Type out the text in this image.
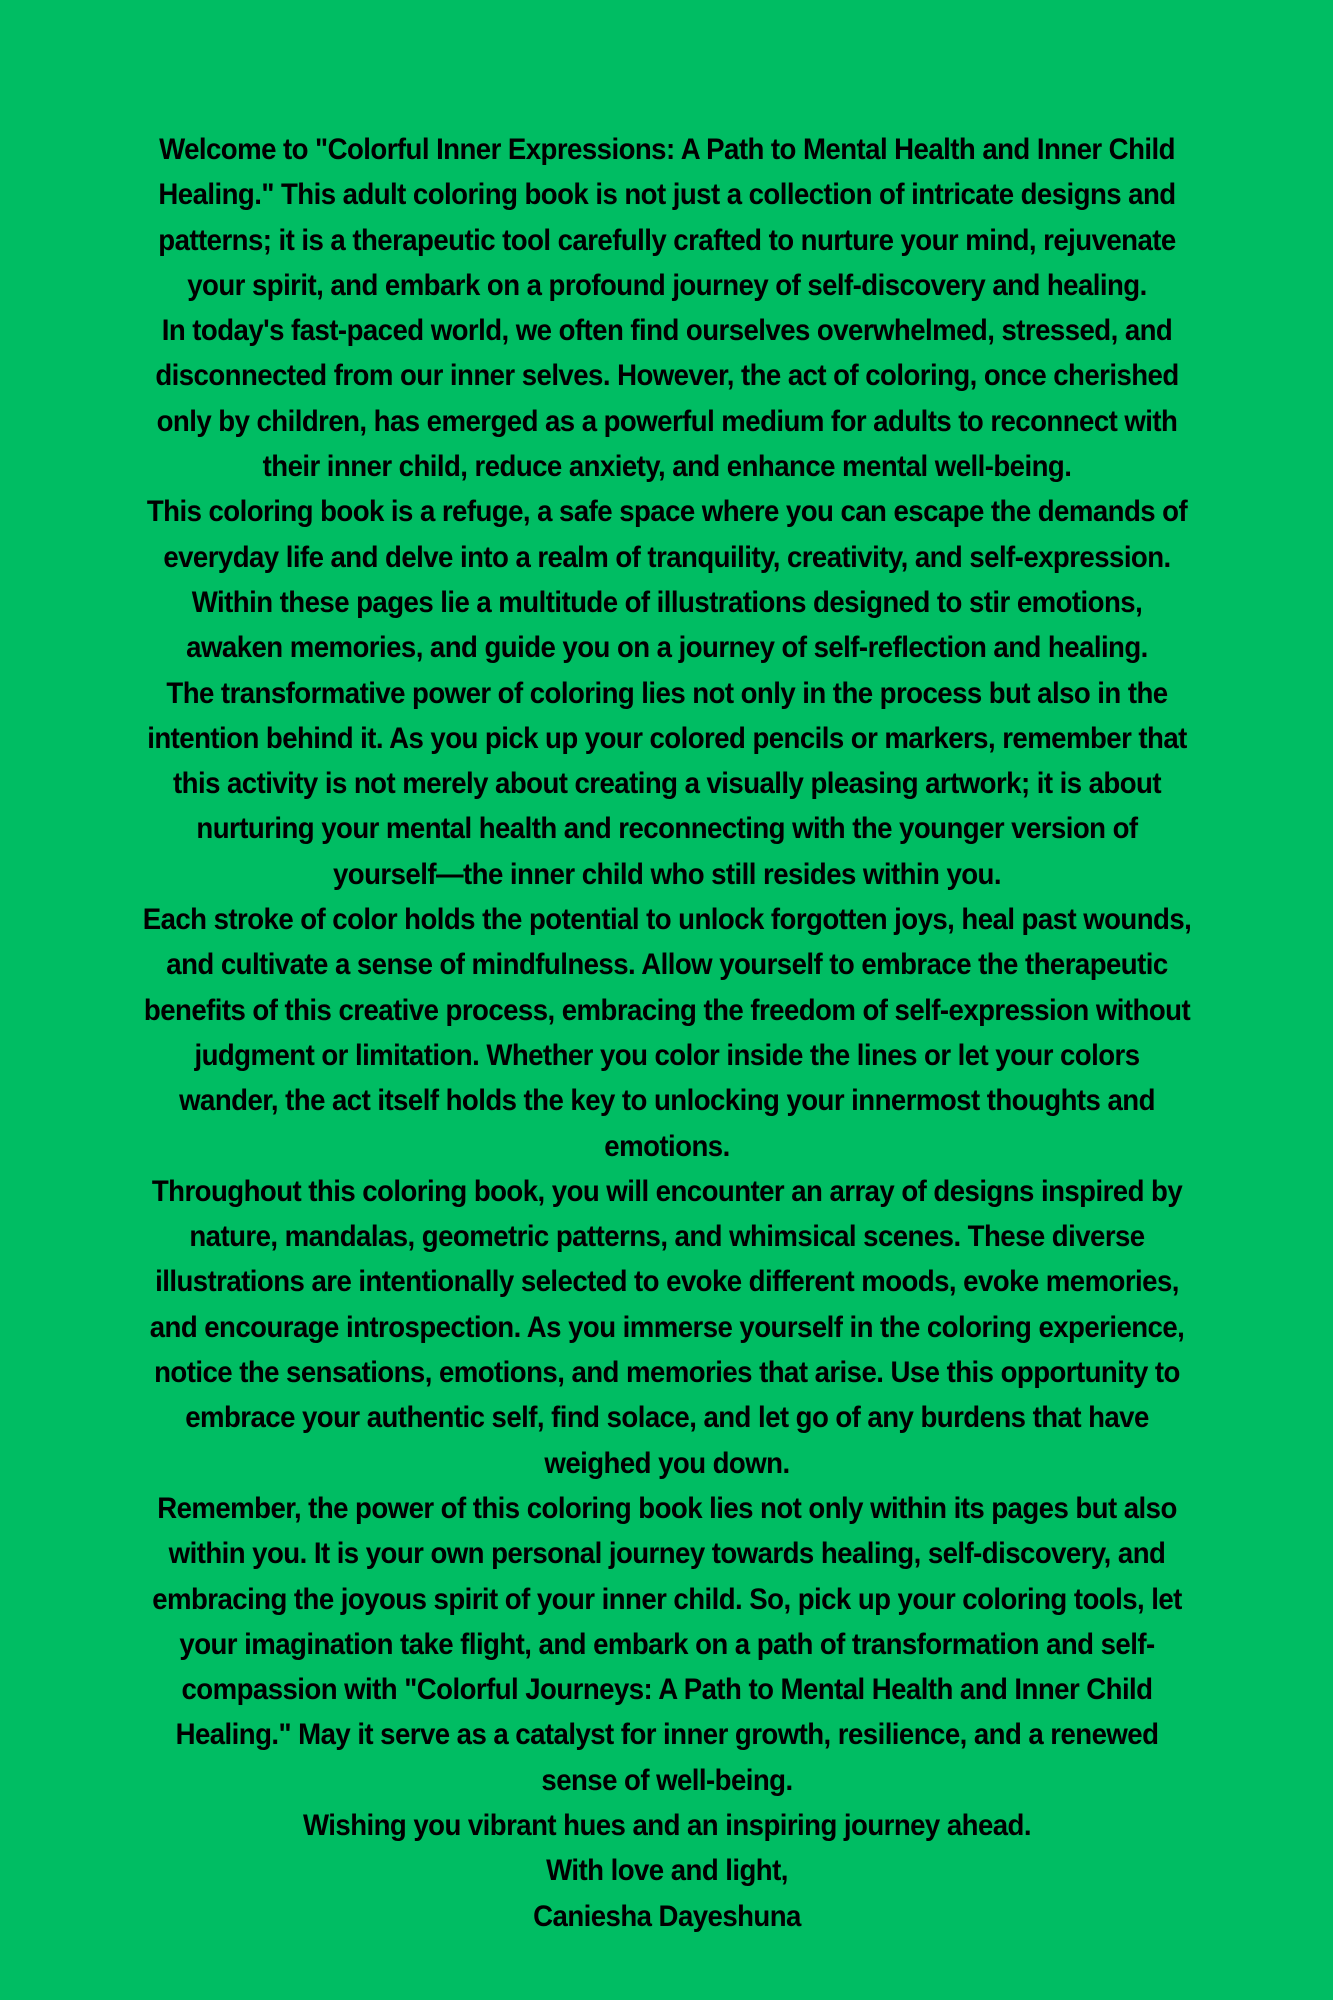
Welcome to "Colorful Inner Expressions: A Path to Mental Health and Inner Child Healing." This adult coloring book is not just a collection of intricate designs and patterns; it is a therapeutic tool carefully crafted to nurture your mind, rejuvenate your spirit, and embark on a profound journey of self-discovery and healing.

In today's fast-paced world, we often find ourselves overwhelmed, stressed, and disconnected from our inner selves. However, the act of coloring, once cherished only by children, has emerged as a powerful medium for adults to reconnect with their inner child, reduce anxiety, and enhance mental well-being.

This coloring book is a refuge, a safe space where you can escape the demands of everyday life and delve into a realm of tranquility, creativity, and self-expression. Within these pages lie a multitude of illustrations designed to stir emotions, awaken memories, and guide you on a journey of self-reflection and healing.

The transformative power of coloring lies not only in the process but also in the intention behind it. As you pick up your colored pencils or markers, remember that this activity is not merely about creating a visually pleasing artwork; it is about nurturing your mental health and reconnecting with the younger version of yourself—the inner child who still resides within you.

Each stroke of color holds the potential to unlock forgotten joys, heal past wounds, and cultivate a sense of mindfulness. Allow yourself to embrace the therapeutic benefits of this creative process, embracing the freedom of self-expression without judgment or limitation. Whether you color inside the lines or let your colors wander, the act itself holds the key to unlocking your innermost thoughts and emotions.

Throughout this coloring book, you will encounter an array of designs inspired by nature, mandalas, geometric patterns, and whimsical scenes. These diverse illustrations are intentionally selected to evoke different moods, evoke memories, and encourage introspection. As you immerse yourself in the coloring experience, notice the sensations, emotions, and memories that arise. Use this opportunity to embrace your authentic self, find solace, and let go of any burdens that have weighed you down.

Remember, the power of this coloring book lies not only within its pages but also within you. It is your own personal journey towards healing, self-discovery, and embracing the joyous spirit of your inner child. So, pick up your coloring tools, let your imagination take flight, and embark on a path of transformation and self-compassion with "Colorful Journeys: A Path to Mental Health and Inner Child Healing." May it serve as a catalyst for inner growth, resilience, and a renewed sense of well-being.

Wishing you vibrant hues and an inspiring journey ahead.

With love and light,

Caniesha Dayeshuna
